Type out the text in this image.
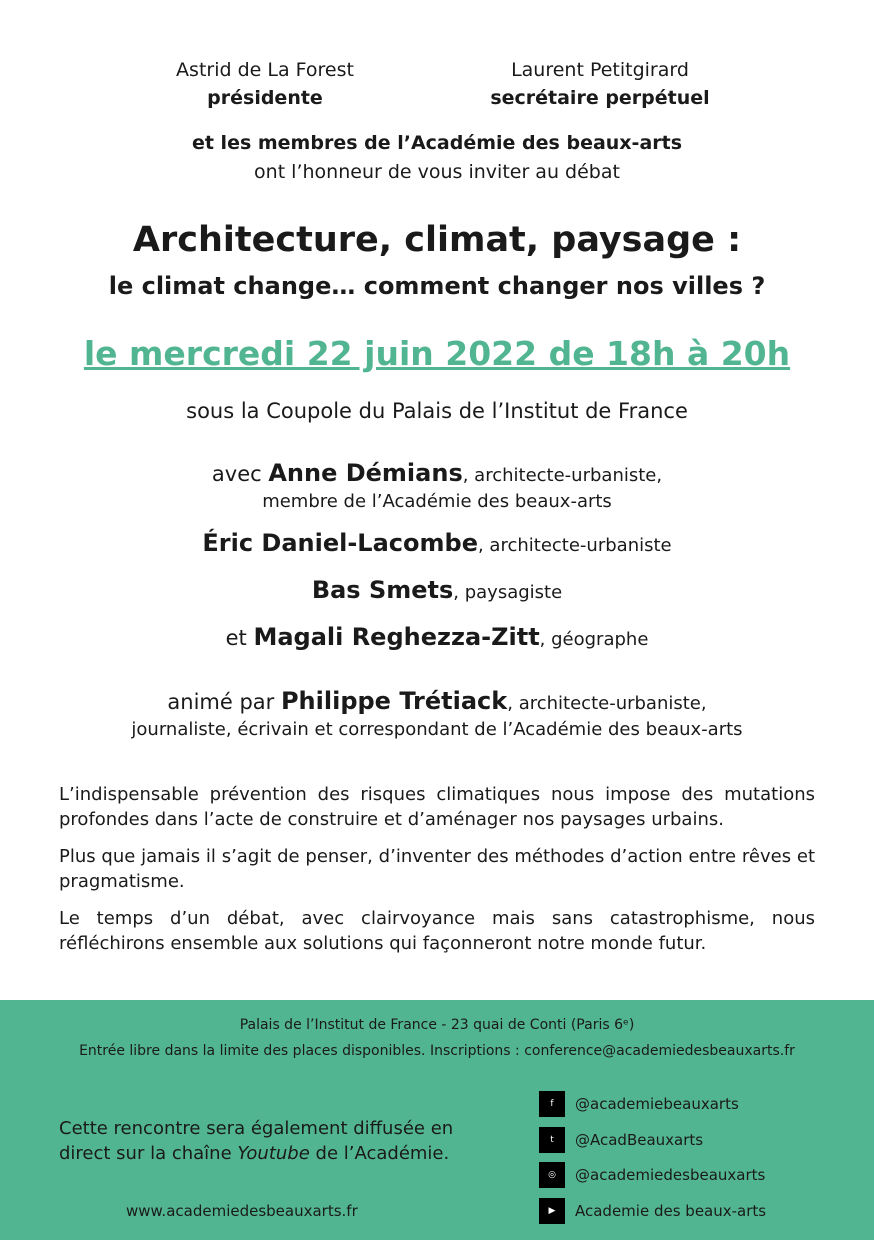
Astrid de La Forest
présidente
Laurent Petitgirard
secrétaire perpétuel
et les membres de l’Académie des beaux-arts
ont l’honneur de vous inviter au débat
Architecture, climat, paysage :
le climat change… comment changer nos villes ?
le mercredi 22 juin 2022 de 18h à 20h
sous la Coupole du Palais de l’Institut de France
avec Anne Démians, architecte-urbaniste,
membre de l’Académie des beaux-arts
Éric Daniel-Lacombe, architecte-urbaniste
Bas Smets, paysagiste
et Magali Reghezza-Zitt, géographe
animé par Philippe Trétiack, architecte-urbaniste,
journaliste, écrivain et correspondant de l’Académie des beaux-arts
L’indispensable prévention des risques climatiques nous impose des mutations profondes dans l’acte de construire et d’aménager nos paysages urbains.
Plus que jamais il s’agit de penser, d’inventer des méthodes d’action entre rêves et pragmatisme.
Le temps d’un débat, avec clairvoyance mais sans catastrophisme, nous réfléchirons ensemble aux solutions qui façonneront notre monde futur.
Palais de l’Institut de France - 23 quai de Conti (Paris 6ᵉ)
Entrée libre dans la limite des places disponibles. Inscriptions : conference@academiedesbeauxarts.fr
Cette rencontre sera également diffusée en direct sur la chaîne Youtube de l’Académie.
www.academiedesbeauxarts.fr
f @academiebeauxarts
t @AcadBeauxarts
◎ @academiedesbeauxarts
▶ Academie des beaux-arts
